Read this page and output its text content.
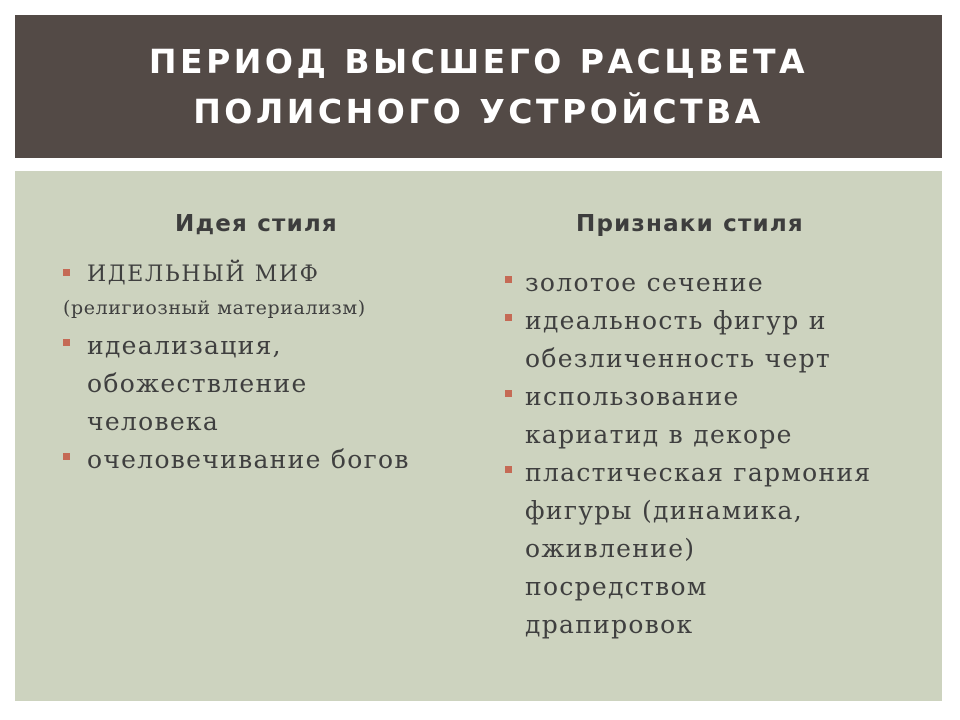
ПЕРИОД ВЫСШЕГО РАСЦВЕТА
ПОЛИСНОГО УСТРОЙСТВА
Идея стиля
ИДЕЛЬНЫЙ МИФ
(религиозный материализм)
идеализация,
обожествление
человека
очеловечивание богов
Признаки стиля
золотое сечение
идеальность фигур и
обезличенность черт
использование
кариатид в декоре
пластическая гармония
фигуры (динамика,
оживление)
посредством
драпировок
